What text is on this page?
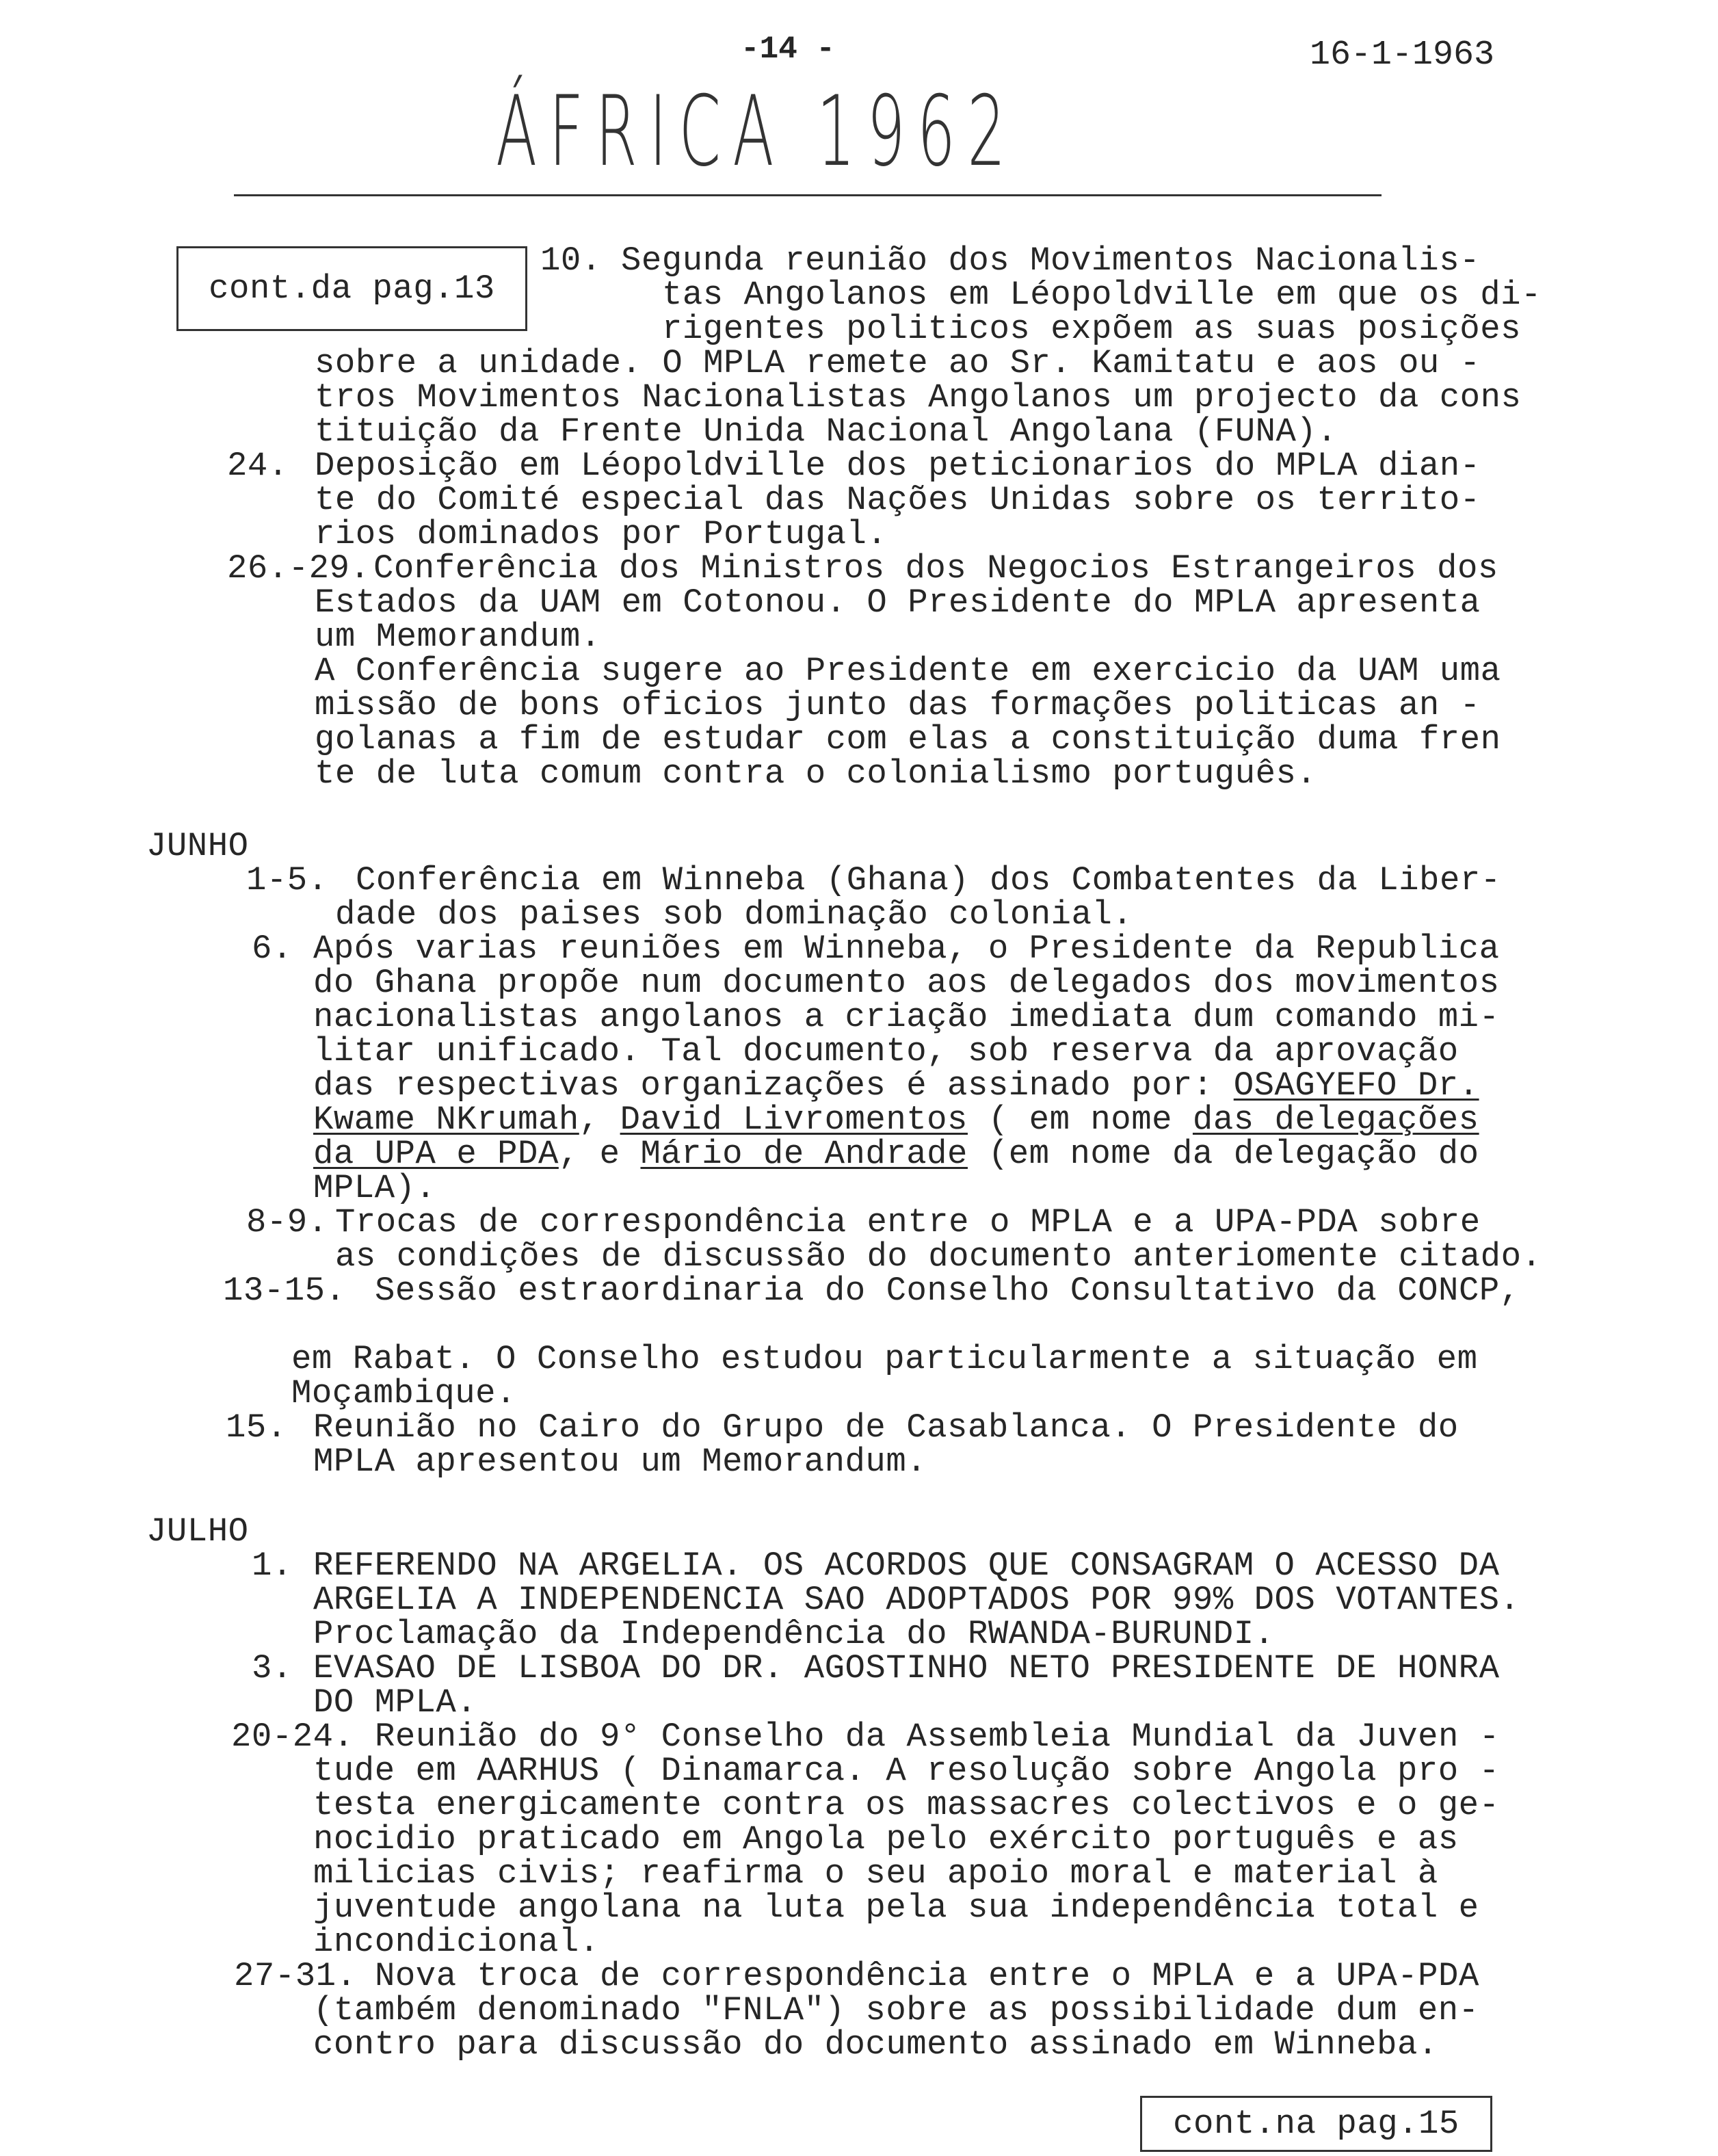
-14 -	16-1-1963
ÁFRICA 1962
cont.da pag.13
10. Segunda reunião dos Movimentos Nacionalis-
tas Angolanos em Léopoldville em que os di-
rigentes politicos expõem as suas posições
sobre a unidade. O MPLA remete ao Sr. Kamitatu e aos ou -
tros Movimentos Nacionalistas Angolanos um projecto da cons
tituição da Frente Unida Nacional Angolana (FUNA).
24. Deposição em Léopoldville dos peticionarios do MPLA dian-
te do Comité especial das Nações Unidas sobre os territo-
rios dominados por Portugal.
26.-29. Conferência dos Ministros dos Negocios Estrangeiros dos
Estados da UAM em Cotonou. O Presidente do MPLA apresenta
um Memorandum.
A Conferência sugere ao Presidente em exercicio da UAM uma
missão de bons oficios junto das formações politicas an -
golanas a fim de estudar com elas a constituição duma fren
te de luta comum contra o colonialismo português.
JUNHO
1-5. Conferência em Winneba (Ghana) dos Combatentes da Liber-
dade dos paises sob dominação colonial.
6. Após varias reuniões em Winneba, o Presidente da Republica
do Ghana propõe num documento aos delegados dos movimentos
nacionalistas angolanos a criação imediata dum comando mi-
litar unificado. Tal documento, sob reserva da aprovação
das respectivas organizações é assinado por: OSAGYEFO Dr.
Kwame NKrumah, David Livromentos ( em nome das delegações
da UPA e PDA, e Mário de Andrade (em nome da delegação do
MPLA).
8-9. Trocas de correspondência entre o MPLA e a UPA-PDA sobre
as condições de discussão do documento anteriomente citado.
13-15. Sessão estraordinaria do Conselho Consultativo da CONCP,
em Rabat. O Conselho estudou particularmente a situação em
Moçambique.
15. Reunião no Cairo do Grupo de Casablanca. O Presidente do
MPLA apresentou um Memorandum.
JULHO
1. REFERENDO NA ARGELIA. OS ACORDOS QUE CONSAGRAM O ACESSO DA
ARGELIA A INDEPENDENCIA SAO ADOPTADOS POR 99% DOS VOTANTES.
Proclamação da Independência do RWANDA-BURUNDI.
3. EVASAO DE LISBOA DO DR. AGOSTINHO NETO PRESIDENTE DE HONRA
DO MPLA.
20-24. Reunião do 9° Conselho da Assembleia Mundial da Juven -
tude em AARHUS ( Dinamarca. A resolução sobre Angola pro -
testa energicamente contra os massacres colectivos e o ge-
nocidio praticado em Angola pelo exército português e as
milicias civis; reafirma o seu apoio moral e material à
juventude angolana na luta pela sua independência total e
incondicional.
27-31. Nova troca de correspondência entre o MPLA e a UPA-PDA
(também denominado "FNLA") sobre as possibilidade dum en-
contro para discussão do documento assinado em Winneba.
cont.na pag.15
